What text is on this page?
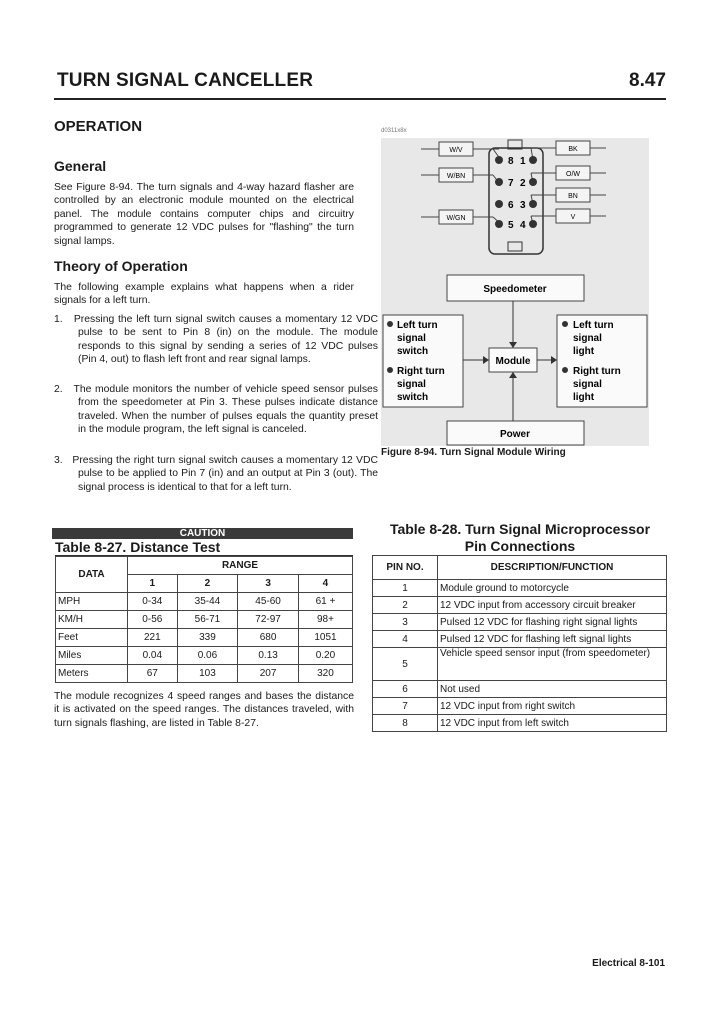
TURN SIGNAL CANCELLER	8.47
OPERATION
General

See Figure 8-94. The turn signals and 4-way hazard flasher are controlled by an electronic module mounted on the electrical panel. The module contains computer chips and circuitry programmed to generate 12 VDC pulses for "flashing" the turn signal lamps.

Theory of Operation

The following example explains what happens when a rider signals for a left turn.

1.   Pressing the left turn signal switch causes a momentary 12 VDC pulse to be sent to Pin 8 (in) on the module. The module responds to this signal by sending a series of 12 VDC pulses (Pin 4, out) to flash left front and rear signal lamps.
2.   The module monitors the number of vehicle speed sensor pulses from the speedometer at Pin 3. These pulses indicate distance traveled. When the number of pulses equals the quantity preset in the module program, the left signal is canceled.
3.   Pressing the right turn signal switch causes a momentary 12 VDC pulse to be applied to Pin 7 (in) and an output at Pin 3 (out). The signal process is identical to that for a left turn.
d0311x8x
W/V
W/BN
W/GN
BK
O/W
BN
V
8 1
7 2
6 3
5 4
Speedometer
Module
Power
Left turn
signal
switch
Right turn
signal
switch
Left turn
signal
light
Right turn
signal
light
Figure 8-94. Turn Signal Module Wiring
CAUTION
Table 8-27. Distance Test
DATA	RANGE			
	1	2	3	4
MPH	0-34	35-44	45-60	61 +
KM/H	0-56	56-71	72-97	98+
Feet	221	339	680	1051
Miles	0.04	0.06	0.13	0.20
Meters	67	103	207	320

The module recognizes 4 speed ranges and bases the distance it is activated on the speed ranges. The distances traveled, with turn signals flashing, are listed in Table 8-27.

Table 8-28. Turn Signal Microprocessor Pin Connections
PIN NO.	DESCRIPTION/FUNCTION
1	Module ground to motorcycle
2	12 VDC input from accessory circuit breaker
3	Pulsed 12 VDC for flashing right signal lights
4	Pulsed 12 VDC for flashing left signal lights
5	Vehicle speed sensor input (from speedometer)
6	Not used
7	12 VDC input from right switch
8	12 VDC input from left switch
Electrical 8-101
